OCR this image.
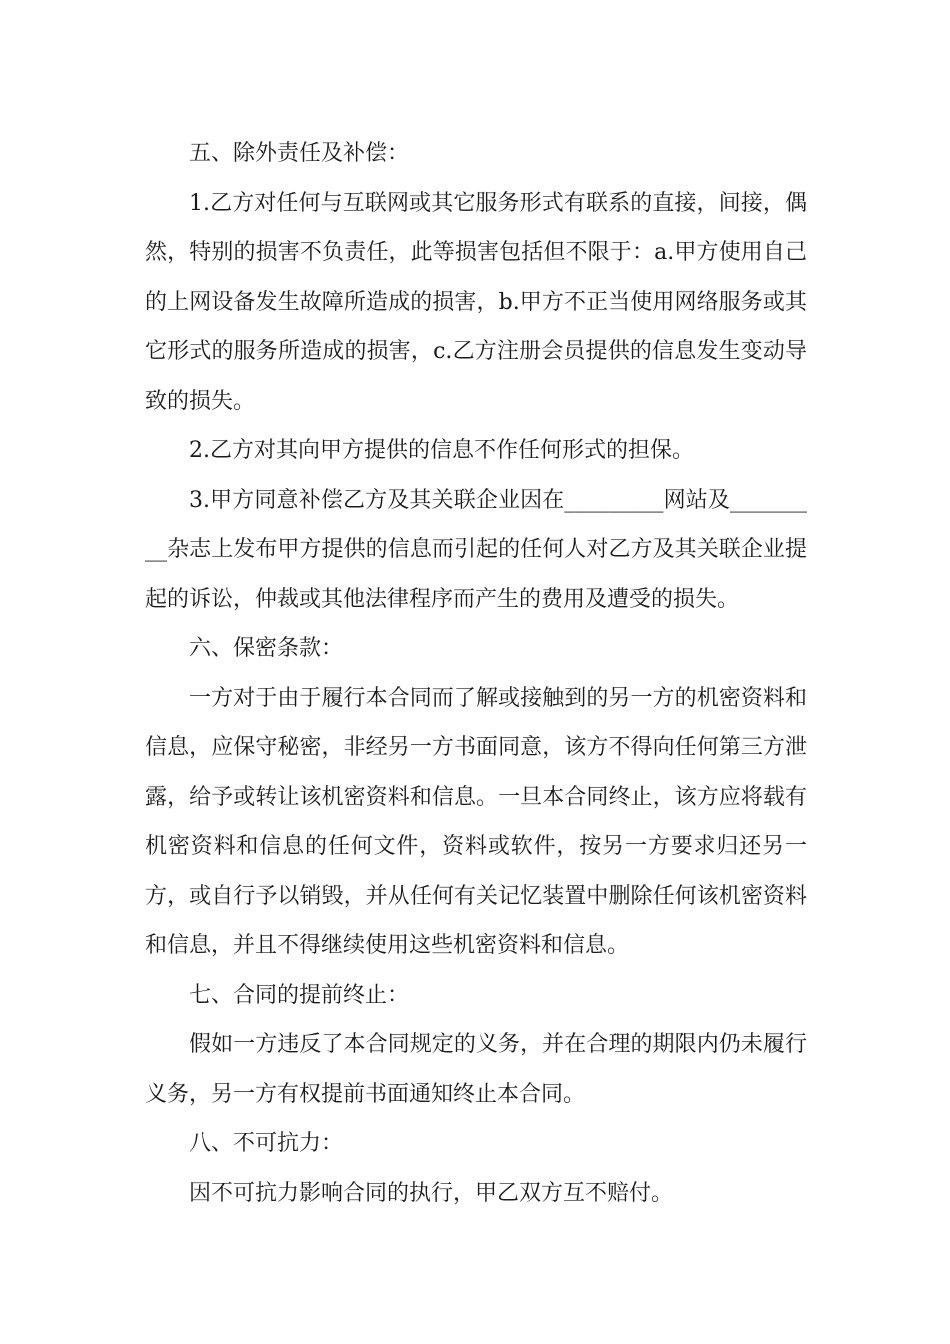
五、除外责任及补偿：

1.乙方对任何与互联网或其它服务形式有联系的直接，间接，偶然，特别的损害不负责任，此等损害包括但不限于：a.甲方使用自己的上网设备发生故障所造成的损害，b.甲方不正当使用网络服务或其它形式的服务所造成的损害，c.乙方注册会员提供的信息发生变动导致的损失。

2.乙方对其向甲方提供的信息不作任何形式的担保。

3.甲方同意补偿乙方及其关联企业因在_________网站及_________杂志上发布甲方提供的信息而引起的任何人对乙方及其关联企业提起的诉讼，仲裁或其他法律程序而产生的费用及遭受的损失。

六、保密条款：

一方对于由于履行本合同而了解或接触到的另一方的机密资料和信息，应保守秘密，非经另一方书面同意，该方不得向任何第三方泄露，给予或转让该机密资料和信息。一旦本合同终止，该方应将载有机密资料和信息的任何文件，资料或软件，按另一方要求归还另一方，或自行予以销毁，并从任何有关记忆装置中删除任何该机密资料和信息，并且不得继续使用这些机密资料和信息。

七、合同的提前终止：

假如一方违反了本合同规定的义务，并在合理的期限内仍未履行义务，另一方有权提前书面通知终止本合同。

八、不可抗力：

因不可抗力影响合同的执行，甲乙双方互不赔付。
